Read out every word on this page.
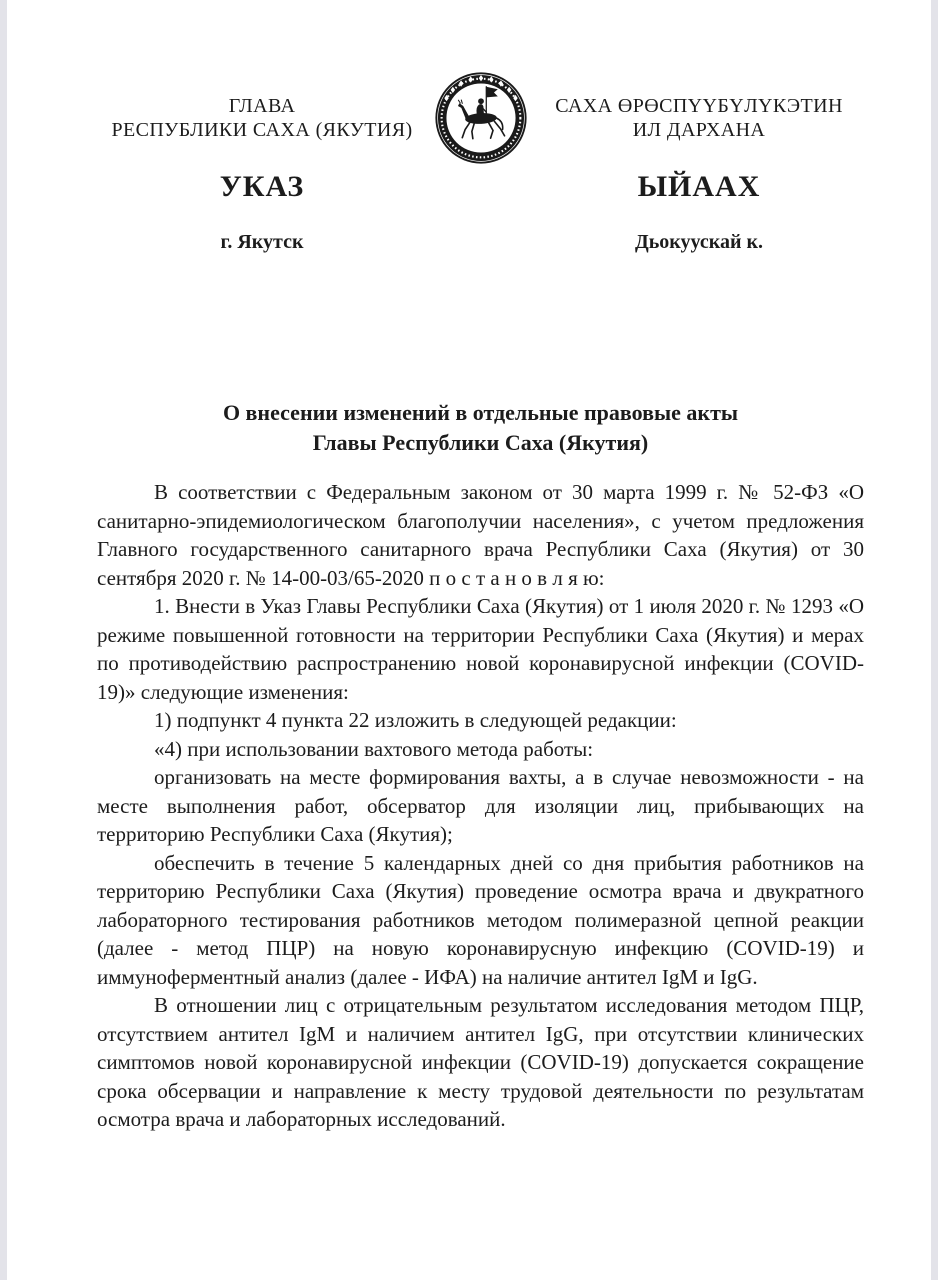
ГЛАВА
РЕСПУБЛИКИ САХА (ЯКУТИЯ)
САХА ӨРӨСПҮҮБҮЛҮКЭТИН
ИЛ ДАРХАНА
УКАЗ	ЫЙААХ
г. Якутск	Дьокуускай к.
О внесении изменений в отдельные правовые акты
Главы Республики Саха (Якутия)

В соответствии с Федеральным законом от 30 марта 1999 г. № 52-ФЗ «О санитарно-эпидемиологическом благополучии населения», с учетом предложения Главного государственного санитарного врача Республики Саха (Якутия) от 30 сентября 2020 г. № 14-00-03/65-2020 п о с т а н о в л я ю:

1. Внести в Указ Главы Республики Саха (Якутия) от 1 июля 2020 г. № 1293 «О режиме повышенной готовности на территории Республики Саха (Якутия) и мерах по противодействию распространению новой коронавирусной инфекции (COVID-19)» следующие изменения:

1) подпункт 4 пункта 22 изложить в следующей редакции:

«4) при использовании вахтового метода работы:

организовать на месте формирования вахты, а в случае невозможности - на месте выполнения работ, обсерватор для изоляции лиц, прибывающих на территорию Республики Саха (Якутия);

обеспечить в течение 5 календарных дней со дня прибытия работников на территорию Республики Саха (Якутия) проведение осмотра врача и двукратного лабораторного тестирования работников методом полимеразной цепной реакции (далее - метод ПЦР) на новую коронавирусную инфекцию (COVID-19) и иммуноферментный анализ (далее - ИФА) на наличие антител IgM и IgG.

В отношении лиц с отрицательным результатом исследования методом ПЦР, отсутствием антител IgM и наличием антител IgG, при отсутствии клинических симптомов новой коронавирусной инфекции (COVID-19) допускается сокращение срока обсервации и направление к месту трудовой деятельности по результатам осмотра врача и лабораторных исследований.
